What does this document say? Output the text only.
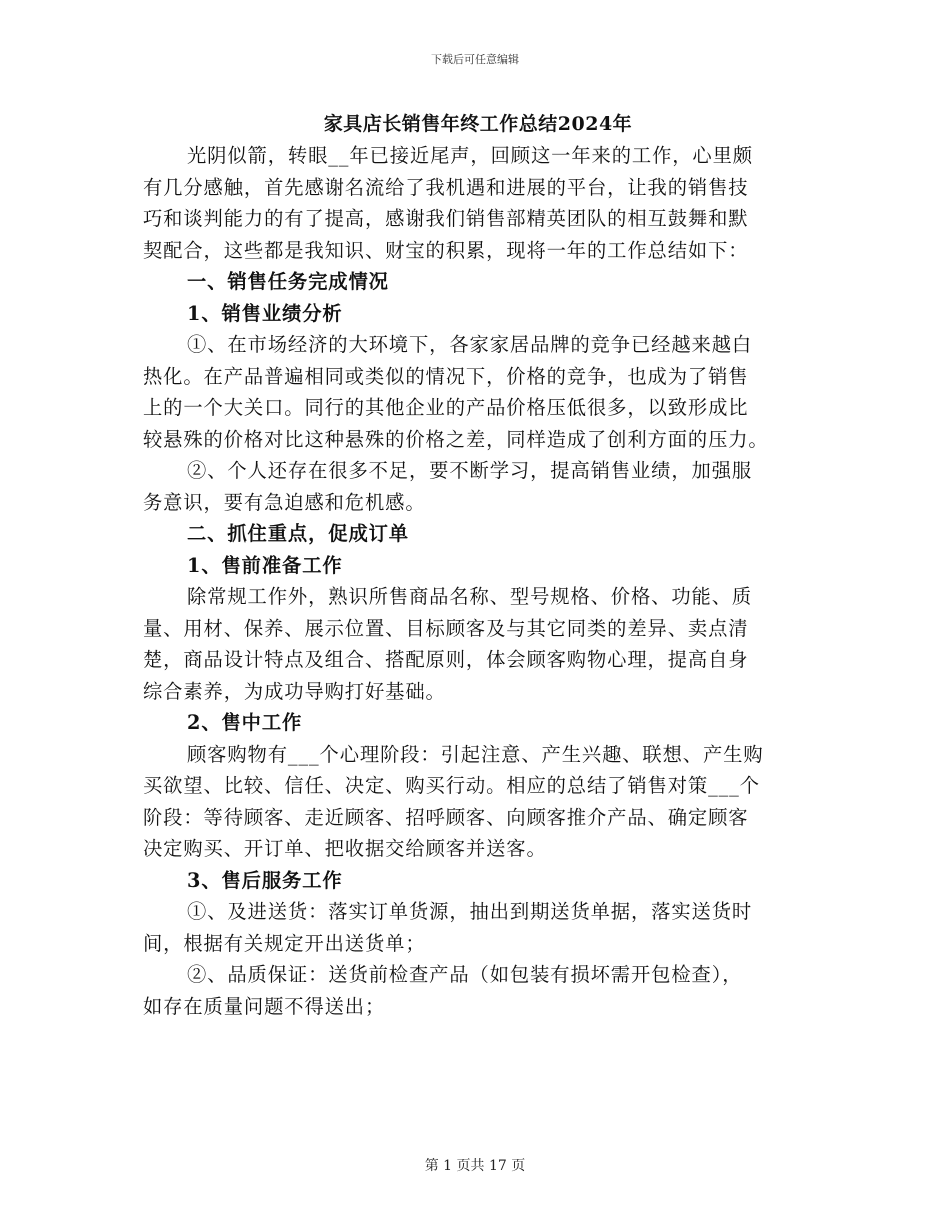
下载后可任意编辑
家具店长销售年终工作总结2024年
光阴似箭，转眼__年已接近尾声，回顾这一年来的工作，心里颇
有几分感触，首先感谢名流给了我机遇和进展的平台，让我的销售技
巧和谈判能力的有了提高，感谢我们销售部精英团队的相互鼓舞和默
契配合，这些都是我知识、财宝的积累，现将一年的工作总结如下：
一、销售任务完成情况
1、销售业绩分析
①、在市场经济的大环境下，各家家居品牌的竞争已经越来越白
热化。在产品普遍相同或类似的情况下，价格的竞争，也成为了销售
上的一个大关口。同行的其他企业的产品价格压低很多，以致形成比
较悬殊的价格对比这种悬殊的价格之差，同样造成了创利方面的压力。
②、个人还存在很多不足，要不断学习，提高销售业绩，加强服
务意识，要有急迫感和危机感。
二、抓住重点，促成订单
1、售前准备工作
除常规工作外，熟识所售商品名称、型号规格、价格、功能、质
量、用材、保养、展示位置、目标顾客及与其它同类的差异、卖点清
楚，商品设计特点及组合、搭配原则，体会顾客购物心理，提高自身
综合素养，为成功导购打好基础。
2、售中工作
顾客购物有___个心理阶段：引起注意、产生兴趣、联想、产生购
买欲望、比较、信任、决定、购买行动。相应的总结了销售对策___个
阶段：等待顾客、走近顾客、招呼顾客、向顾客推介产品、确定顾客
决定购买、开订单、把收据交给顾客并送客。
3、售后服务工作
①、及进送货：落实订单货源，抽出到期送货单据，落实送货时
间，根据有关规定开出送货单；
②、品质保证：送货前检查产品（如包装有损坏需开包检查），
如存在质量问题不得送出；
第 1 页共 17 页
